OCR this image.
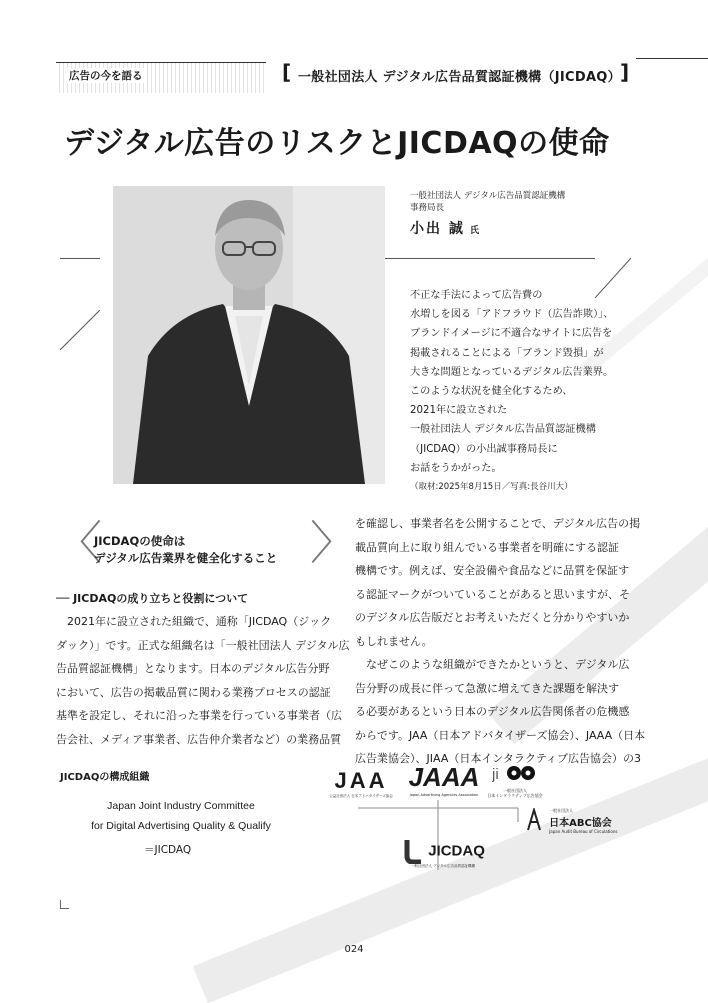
広告の今を語る	[ 一般社団法人 デジタル広告品質認証機構（JICDAQ） ]
デジタル広告のリスクとJICDAQの使命
一般社団法人 デジタル広告品質認証機構
事務局長
小出 誠 氏
不正な手法によって広告費の
水増しを図る「アドフラウド（広告詐欺）」、
ブランドイメージに不適合なサイトに広告を
掲載されることによる「ブランド毀損」が
大きな問題となっているデジタル広告業界。
このような状況を健全化するため、
2021年に設立された
一般社団法人 デジタル広告品質認証機構
（JICDAQ）の小出誠事務局長に
お話をうかがった。
（取材:2025年8月15日／写真:長谷川大）
〈
JICDAQの使命は
デジタル広告業界を健全化すること 〉
── JICDAQの成り立ちと役割について
　2021年に設立された組織で、通称「JICDAQ（ジック
ダック）」です。正式な組織名は「一般社団法人 デジタル広
告品質認証機構」となります。日本のデジタル広告分野
において、広告の掲載品質に関わる業務プロセスの認証
基準を設定し、それに沿った事業を行っている事業者（広
告会社、メディア事業者、広告仲介業者など）の業務品質
を確認し、事業者名を公開することで、デジタル広告の掲
載品質向上に取り組んでいる事業者を明確にする認証
機構です。例えば、安全設備や食品などに品質を保証す
る認証マークがついていることがあると思いますが、そ
のデジタル広告版だとお考えいただくと分かりやすいか
もしれません。
　なぜこのような組織ができたかというと、デジタル広
告分野の成長に伴って急激に増えてきた課題を解決す
る必要があるという日本のデジタル広告関係者の危機感
からです。JAA（日本アドバタイザーズ協会）、JAAA（日本
広告業協会）、JIAA（日本インタラクティブ広告協会）の3
JICDAQの構成組織
Japan Joint Industry Committee
for Digital Advertising Quality & Qualify
＝JICDAQ
JAA
公益社団法人 日本アドバタイザーズ協会
JAAA
Japan Advertising Agencies Association
ji
一般社団法人
日本インタラクティブ広告協会

一般社団法人
日本ABC協会
Japan Audit Bureau of Circulations
JICDAQ
一般社団法人 デジタル広告品質認証機構
024
